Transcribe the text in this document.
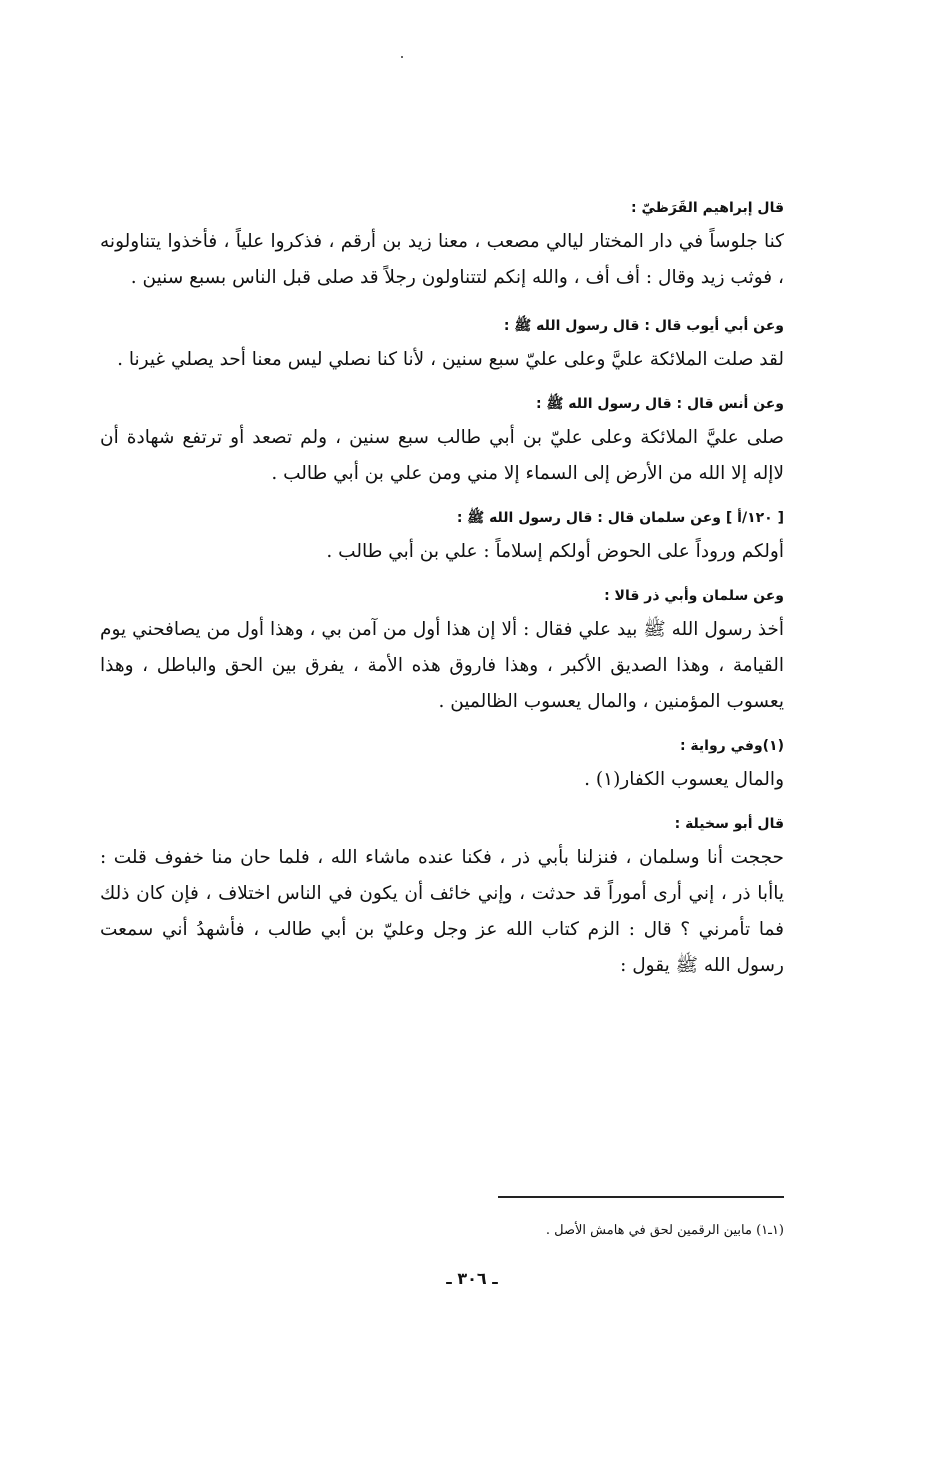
قال إبراهيم القَرَظيّ :
كنا جلوساً في دار المختار ليالي مصعب ، معنا زيد بن أرقم ، فذكروا علياً ، فأخذوا يتناولونه ، فوثب زيد وقال : أف أف ، والله إنكم لتتناولون رجلاً قد صلى قبل الناس بسبع سنين .
وعن أبي أيوب قال : قال رسول الله ﷺ :
لقد صلت الملائكة عليَّ وعلى عليّ سبع سنين ، لأنا كنا نصلي ليس معنا أحد يصلي غيرنا .
وعن أنس قال : قال رسول الله ﷺ :
صلى عليَّ الملائكة وعلى عليّ بن أبي طالب سبع سنين ، ولم تصعد أو ترتفع شهادة أن لاإله إلا الله من الأرض إلى السماء إلا مني ومن علي بن أبي طالب .
[ ١٢٠/أ ] وعن سلمان قال : قال رسول الله ﷺ :
أولكم وروداً على الحوض أولكم إسلاماً : علي بن أبي طالب .
وعن سلمان وأبي ذر قالا :
أخذ رسول الله ﷺ بيد علي فقال : ألا إن هذا أول من آمن بي ، وهذا أول من يصافحني يوم القيامة ، وهذا الصديق الأكبر ، وهذا فاروق هذه الأمة ، يفرق بين الحق والباطل ، وهذا يعسوب المؤمنين ، والمال يعسوب الظالمين .
(١)وفي رواية :
والمال يعسوب الكفار(١) .
قال أبو سخيلة :
حججت أنا وسلمان ، فنزلنا بأبي ذر ، فكنا عنده ماشاء الله ، فلما حان منا خفوف قلت : ياأبا ذر ، إني أرى أموراً قد حدثت ، وإني خائف أن يكون في الناس اختلاف ، فإن كان ذلك فما تأمرني ؟ قال : الزم كتاب الله عز وجل وعليّ بن أبي طالب ، فأشهدُ أني سمعت رسول الله ﷺ يقول :
(١ـ١) مابين الرقمين لحق في هامش الأصل .
ـ ٣٠٦ ـ
